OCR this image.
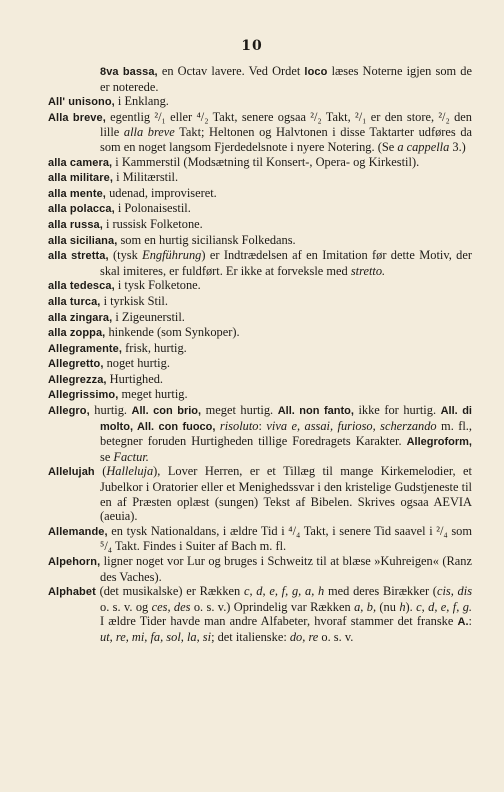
10

8va bassa, en Octav lavere. Ved Ordet loco læses Noterne igjen som de er noterede.

All' unisono, i Enklang.

Alla breve, egentlig ²/₁ eller ⁴/₂ Takt, senere ogsaa ²/₂ Takt, ²/₁ er den store, ²/₂ den lille alla breve Takt; Heltonen og Halvtonen i disse Taktarter udføres da som en noget langsom Fjerdedelsnote i nyere Notering. (Se a cappella 3.)

alla camera, i Kammerstil (Modsætning til Konsert-, Opera- og Kirkestil).

alla militare, i Militærstil.

alla mente, udenad, improviseret.

alla polacca, i Polonaisestil.

alla russa, i russisk Folketone.

alla siciliana, som en hurtig siciliansk Folkedans.

alla stretta, (tysk Engführung) er Indtrædelsen af en Imitation før dette Motiv, der skal imiteres, er fuldført. Er ikke at forveksle med stretto.

alla tedesca, i tysk Folketone.

alla turca, i tyrkisk Stil.

alla zingara, i Zigeunerstil.

alla zoppa, hinkende (som Synkoper).

Allegramente, frisk, hurtig.

Allegretto, noget hurtig.

Allegrezza, Hurtighed.

Allegrissimo, meget hurtig.

Allegro, hurtig. All. con brio, meget hurtig. All. non fanto, ikke for hurtig. All. di molto, All. con fuoco, risoluto: viva e, assai, furioso, scherzando m. fl., betegner foruden Hurtigheden tillige Foredragets Karakter. Allegroform, se Factur.

Allelujah (Halleluja), Lover Herren, er et Tillæg til mange Kirkemelodier, et Jubelkor i Oratorier eller et Menighedssvar i den kristelige Gudstjeneste til en af Præsten oplæst (sungen) Tekst af Bibelen. Skrives ogsaa AEVIA (aeuia).

Allemande, en tysk Nationaldans, i ældre Tid i ⁴/₄ Takt, i senere Tid saavel i ²/₄ som ⁵/₄ Takt. Findes i Suiter af Bach m. fl.

Alpehorn, ligner noget vor Lur og bruges i Schweitz til at blæse »Kuhreigen« (Ranz des Vaches).

Alphabet (det musikalske) er Rækken c, d, e, f, g, a, h med deres Birækker (cis, dis o. s. v. og ces, des o. s. v.) Oprindelig var Rækken a, b, (nu h). c, d, e, f, g. I ældre Tider havde man andre Alfabeter, hvoraf stammer det franske A.: ut, re, mi, fa, sol, la, si; det italienske: do, re o. s. v.
